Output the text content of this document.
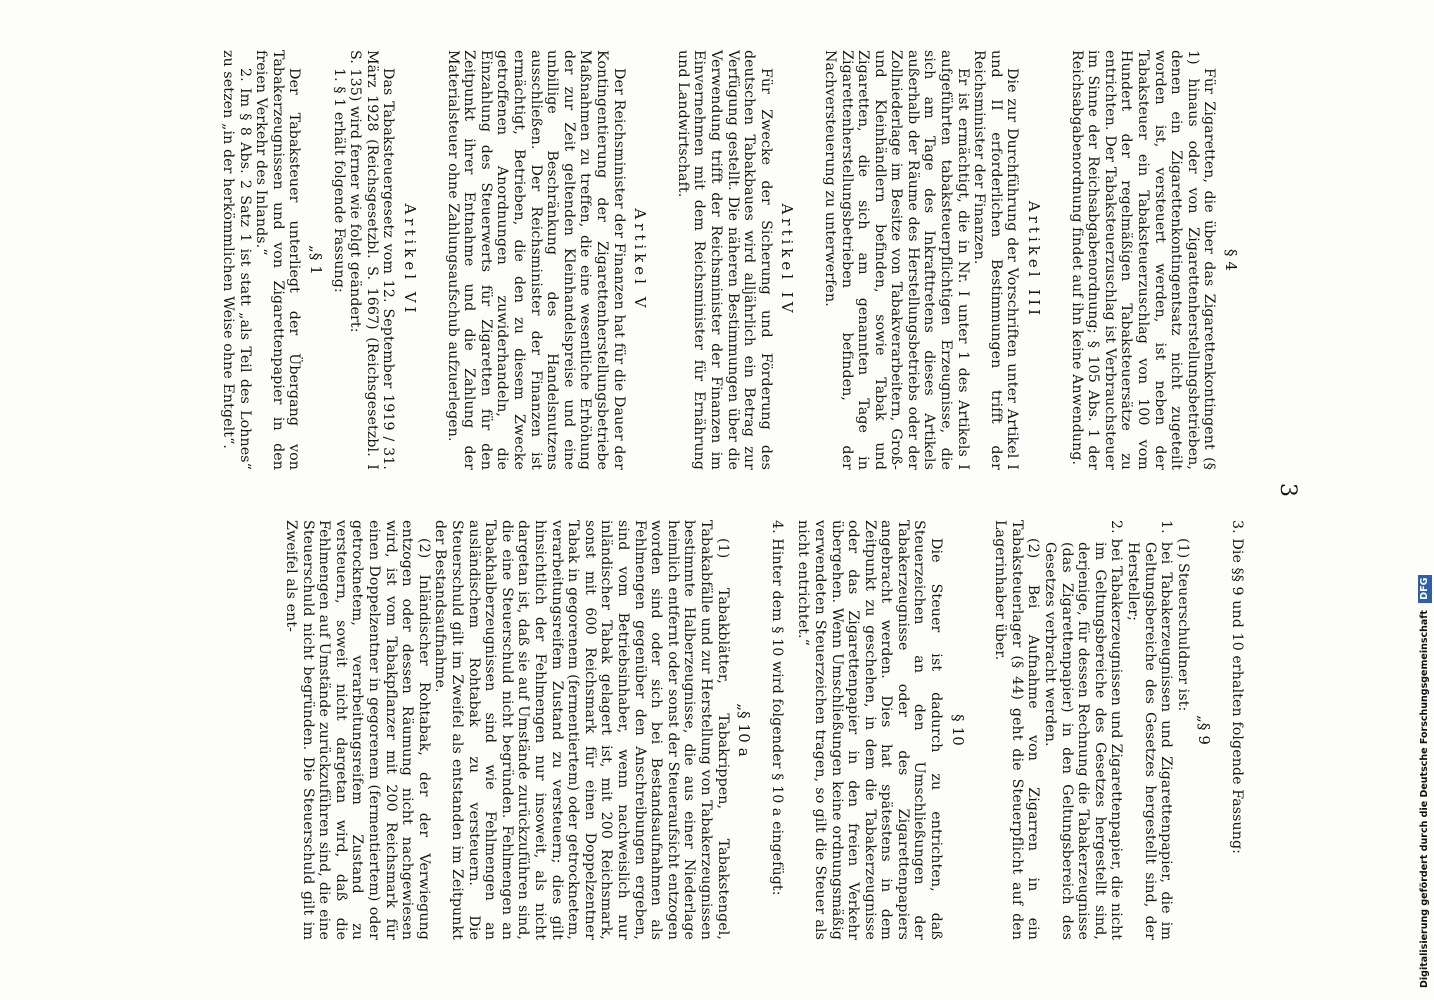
3
§ 4

Für Zigaretten, die über das Zigarettenkontingent (§ 1) hinaus oder von Zigarettenherstellungsbetrieben, denen ein Zigarettenkontingentsatz nicht zugeteilt worden ist, versteuert werden, ist neben der Tabaksteuer ein Tabaksteuerzuschlag von 100 vom Hundert der regelmäßigen Tabaksteuersätze zu entrichten. Der Tabaksteuerzuschlag ist Verbrauchsteuer im Sinne der Reichsabgabenordnung; § 105 Abs. 1 der Reichsabgabenordnung findet auf ihn keine Anwendung.

Artikel III

Die zur Durchführung der Vorschriften unter Artikel I und II erforderlichen Bestimmungen trifft der Reichsminister der Finanzen.

Er ist ermächtigt, die in Nr. I unter 1 des Artikels I aufgeführten tabaksteuerpflichtigen Erzeugnisse, die sich am Tage des Inkrafttretens dieses Artikels außerhalb der Räume des Herstellungsbetriebs oder der Zollniederlage im Besitze von Tabakverarbeitern, Groß- und Kleinhändlern befinden, sowie Tabak und Zigaretten, die sich am genannten Tage in Zigarettenherstellungsbetrieben befinden, der Nachversteuerung zu unterwerfen.

Artikel IV

Für Zwecke der Sicherung und Förderung des deutschen Tabakbaues wird alljährlich ein Betrag zur Verfügung gestellt. Die näheren Bestimmungen über die Verwendung trifft der Reichsminister der Finanzen im Einvernehmen mit dem Reichsminister für Ernährung und Landwirtschaft.

Artikel V

Der Reichsminister der Finanzen hat für die Dauer der Kontingentierung der Zigarettenherstellungsbetriebe Maßnahmen zu treffen, die eine wesentliche Erhöhung der zur Zeit geltenden Kleinhandelspreise und eine unbillige Beschränkung des Handelsnutzens ausschließen. Der Reichsminister der Finanzen ist ermächtigt, Betrieben, die den zu diesem Zwecke getroffenen Anordnungen zuwiderhandeln, die Einzahlung des Steuerwerts für Zigaretten für den Zeitpunkt ihrer Entnahme und die Zahlung der Materialsteuer ohne Zahlungsaufschub aufzuerlegen.

Artikel VI

Das Tabaksteuergesetz vom 12. September 1919 / 31. März 1928 (Reichsgesetzbl. S. 1667) (Reichsgesetzbl. I S. 135) wird ferner wie folgt geändert:

1. § 1 erhält folgende Fassung:

„§ 1

Der Tabaksteuer unterliegt der Übergang von Tabakerzeugnissen und von Zigarettenpapier in den freien Verkehr des Inlands.“

2. Im § 8 Abs. 2 Satz 1 ist statt „als Teil des Lohnes“ zu setzen „in der herkömmlichen Weise ohne Entgelt“.

3. Die §§ 9 und 10 erhalten folgende Fassung:

„§ 9

(1) Steuerschuldner ist:

1. bei Tabakerzeugnissen und Zigarettenpapier, die im Geltungsbereiche des Gesetzes hergestellt sind, der Hersteller;

2. bei Tabakerzeugnissen und Zigarettenpapier, die nicht im Geltungsbereiche des Gesetzes hergestellt sind, derjenige, für dessen Rechnung die Tabakerzeugnisse (das Zigarettenpapier) in den Geltungsbereich des Gesetzes verbracht werden.

(2) Bei Aufnahme von Zigarren in ein Tabaksteuerlager (§ 44) geht die Steuerpflicht auf den Lagerinhaber über.

§ 10

Die Steuer ist dadurch zu entrichten, daß Steuerzeichen an den Umschließungen der Tabakerzeugnisse oder des Zigarettenpapiers angebracht werden. Dies hat spätestens in dem Zeitpunkt zu geschehen, in dem die Tabakerzeugnisse oder das Zigarettenpapier in den freien Verkehr übergehen. Wenn Umschließungen keine ordnungsmäßig verwendeten Steuerzeichen tragen, so gilt die Steuer als nicht entrichtet.“

4. Hinter dem § 10 wird folgender § 10 a eingefügt:

„§ 10 a

(1) Tabakblätter, Tabakrippen, Tabakstengel, Tabakabfälle und zur Herstellung von Tabakerzeugnissen bestimmte Halberzeugnisse, die aus einer Niederlage heimlich entfernt oder sonst der Steueraufsicht entzogen worden sind oder sich bei Bestandsaufnahmen als Fehlmengen gegenüber den Anschreibungen ergeben, sind vom Betriebsinhaber, wenn nachweislich nur inländischer Tabak gelagert ist, mit 200 Reichsmark, sonst mit 600 Reichsmark für einen Doppelzentner Tabak in gegorenem (fermentiertem) oder getrocknetem, verarbeitungsreifem Zustand zu versteuern; dies gilt hinsichtlich der Fehlmengen nur insoweit, als nicht dargetan ist, daß sie auf Umstände zurückzuführen sind, die eine Steuerschuld nicht begründen. Fehlmengen an Tabakhalberzeugnissen sind wie Fehlmengen an ausländischem Rohtabak zu versteuern. Die Steuerschuld gilt im Zweifel als entstanden im Zeitpunkt der Bestandsaufnahme.

(2) Inländischer Rohtabak, der der Verwiegung entzogen oder dessen Räumung nicht nachgewiesen wird, ist vom Tabakpflanzer mit 200 Reichsmark für einen Doppelzentner in gegorenem (fermentiertem) oder getrocknetem, verarbeitungsreifem Zustand zu versteuern, soweit nicht dargetan wird, daß die Fehlmengen auf Umstände zurückzuführen sind, die eine Steuerschuld nicht begründen. Die Steuerschuld gilt im Zweifel als ent-

Digitalisierung gefördert durch die Deutsche Forschungsgemeinschaft DFG
